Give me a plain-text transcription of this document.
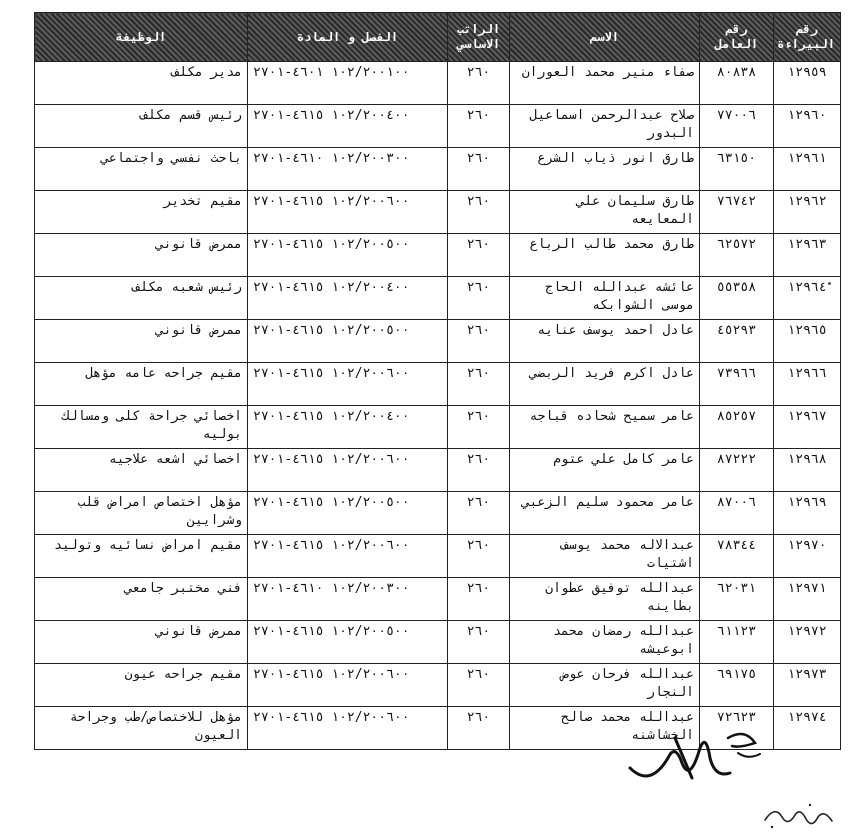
رقم البيراءة	رقم العامل	الاسم	الراتب الاساسي	الفصل و المادة	الوظيفة
١٢٩٥٩	٨٠٨٣٨	صفاء منير محمد العوران	٢٦٠	١٠٢/٢٠٠١٠٠ ٤٦٠١-٢٧٠١	مدير مكلف
١٢٩٦٠	٧٧٠٠٦	صلاح عبدالرحمن اسماعيل البدور	٢٦٠	١٠٢/٢٠٠٤٠٠ ٤٦١٥-٢٧٠١	رئيس قسم مكلف
١٢٩٦١	٦٣١٥٠	طارق انور ذياب الشرع	٢٦٠	١٠٢/٢٠٠٣٠٠ ٤٦١٠-٢٧٠١	باحث نفسي واجتماعي
١٢٩٦٢	٧٦٧٤٢	طارق سليمان علي المعايعه	٢٦٠	١٠٢/٢٠٠٦٠٠ ٤٦١٥-٢٧٠١	مقيم تخدير
١٢٩٦٣	٦٢٥٧٢	طارق محمد طالب الرباع	٢٦٠	١٠٢/٢٠٠٥٠٠ ٤٦١٥-٢٧٠١	ممرض قانوني
١٢٩٦٤	٥٥٣٥٨	عائشه عبدالله الحاج موسى الشوابكه	٢٦٠	١٠٢/٢٠٠٤٠٠ ٤٦١٥-٢٧٠١	رئيس شعبه مكلف
١٢٩٦٥	٤٥٢٩٣	عادل احمد يوسف عنايه	٢٦٠	١٠٢/٢٠٠٥٠٠ ٤٦١٥-٢٧٠١	ممرض قانوني
١٢٩٦٦	٧٣٩٦٦	عادل اكرم فريد الربضي	٢٦٠	١٠٢/٢٠٠٦٠٠ ٤٦١٥-٢٧٠١	مقيم جراحه عامه مؤهل
١٢٩٦٧	٨٥٢٥٧	عامر سميح شحاده قباجه	٢٦٠	١٠٢/٢٠٠٤٠٠ ٤٦١٥-٢٧٠١	اخصائي جراحة كلى ومسالك بوليه
١٢٩٦٨	٨٧٢٢٢	عامر كامل علي عتوم	٢٦٠	١٠٢/٢٠٠٦٠٠ ٤٦١٥-٢٧٠١	اخصائي اشعه علاجيه
١٢٩٦٩	٨٧٠٠٦	عامر محمود سليم الزعبي	٢٦٠	١٠٢/٢٠٠٥٠٠ ٤٦١٥-٢٧٠١	مؤهل اختصاص امراض قلب وشرايين
١٢٩٧٠	٧٨٣٤٤	عبدالاله محمد يوسف اشتيات	٢٦٠	١٠٢/٢٠٠٦٠٠ ٤٦١٥-٢٧٠١	مقيم امراض نسائيه وتوليد
١٢٩٧١	٦٢٠٣١	عبدالله توفيق عطوان بطاينه	٢٦٠	١٠٢/٢٠٠٣٠٠ ٤٦١٠-٢٧٠١	فني مختبر جامعي
١٢٩٧٢	٦١١٢٣	عبدالله رمضان محمد ابوعيشه	٢٦٠	١٠٢/٢٠٠٥٠٠ ٤٦١٥-٢٧٠١	ممرض قانوني
١٢٩٧٣	٦٩١٧٥	عبدالله فرحان عوض النجار	٢٦٠	١٠٢/٢٠٠٦٠٠ ٤٦١٥-٢٧٠١	مقيم جراحه عيون
١٢٩٧٤	٧٢٦٢٣	عبدالله محمد صالح الخشاشنه	٢٦٠	١٠٢/٢٠٠٦٠٠ ٤٦١٥-٢٧٠١	مؤهل للاختصاص/طب وجراحة العيون
